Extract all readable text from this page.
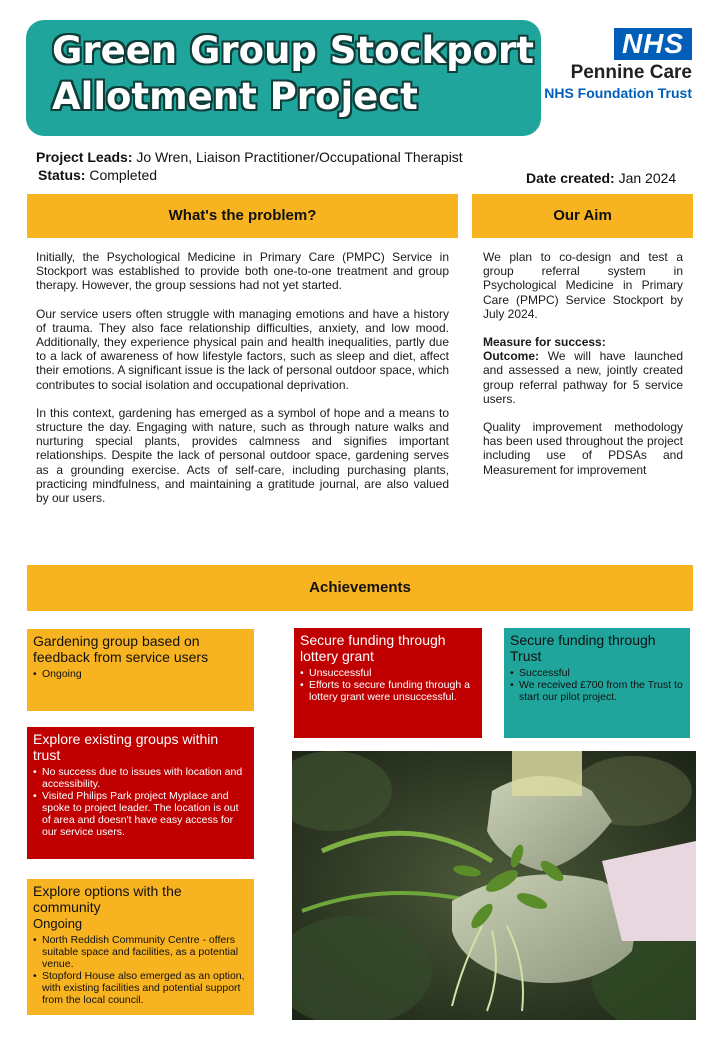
Green Group Stockport
Allotment Project
NHS
Pennine Care
NHS Foundation Trust
Project Leads: Jo Wren, Liaison Practitioner/Occupational Therapist
Status: Completed	Date created: Jan 2024
What's the problem?	Our Aim

Initially, the Psychological Medicine in Primary Care (PMPC) Service in Stockport was established to provide both one-to-one treatment and group therapy. However, the group sessions had not yet started.

Our service users often struggle with managing emotions and have a history of trauma. They also face relationship difficulties, anxiety, and low mood. Additionally, they experience physical pain and health inequalities, partly due to a lack of awareness of how lifestyle factors, such as sleep and diet, affect their emotions. A significant issue is the lack of personal outdoor space, which contributes to social isolation and occupational deprivation.

In this context, gardening has emerged as a symbol of hope and a means to structure the day. Engaging with nature, such as through nature walks and nurturing special plants, provides calmness and signifies important relationships. Despite the lack of personal outdoor space, gardening serves as a grounding exercise. Acts of self-care, including purchasing plants, practicing mindfulness, and maintaining a gratitude journal, are also valued by our users.

We plan to co-design and test a group referral system in Psychological Medicine in Primary Care (PMPC) Service Stockport by July 2024.

Measure for success:

Outcome: We will have launched and assessed a new, jointly created group referral pathway for 5 service users.

Quality improvement methodology has been used throughout the project including use of PDSAs and Measurement for improvement

Achievements
Gardening group based on feedback from service users
• Ongoing
Secure funding through lottery grant
• Unsuccessful
• Efforts to secure funding through a lottery grant were unsuccessful.
Secure funding through Trust
• Successful
• We received £700 from the Trust to start our pilot project.
Explore existing groups within trust
• No success due to issues with location and accessibility.
• Visited Philips Park project Myplace and spoke to project leader. The location is out of area and doesn't have easy access for our service users.
Explore options with the community
Ongoing
• North Reddish Community Centre - offers suitable space and facilities, as a potential venue.
• Stopford House also emerged as an option, with existing facilities and potential support from the local council.
